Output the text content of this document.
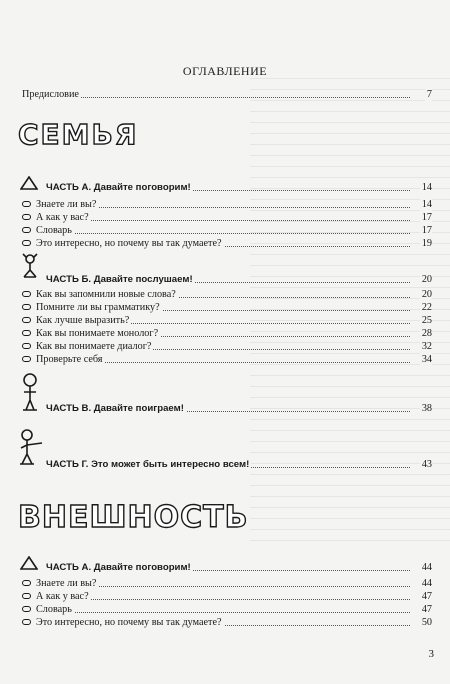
ОГЛАВЛЕНИЕ
Предисловие	7
СЕМЬЯ
ЧАСТЬ А. Давайте поговорим!	14
Знаете ли вы?	14
А как у вас?	17
Словарь	17
Это интересно, но почему вы так думаете?	19
ЧАСТЬ Б. Давайте послушаем!	20
Как вы запомнили новые слова?	20
Помните ли вы грамматику?	22
Как лучше выразить?	25
Как вы понимаете монолог?	28
Как вы понимаете диалог?	32
Проверьте себя	34
ЧАСТЬ В. Давайте поиграем!	38
ЧАСТЬ Г. Это может быть интересно всем!	43
ВНЕШНОСТЬ
ЧАСТЬ А. Давайте поговорим!	44
Знаете ли вы?	44
А как у вас?	47
Словарь	47
Это интересно, но почему вы так думаете?	50
3
